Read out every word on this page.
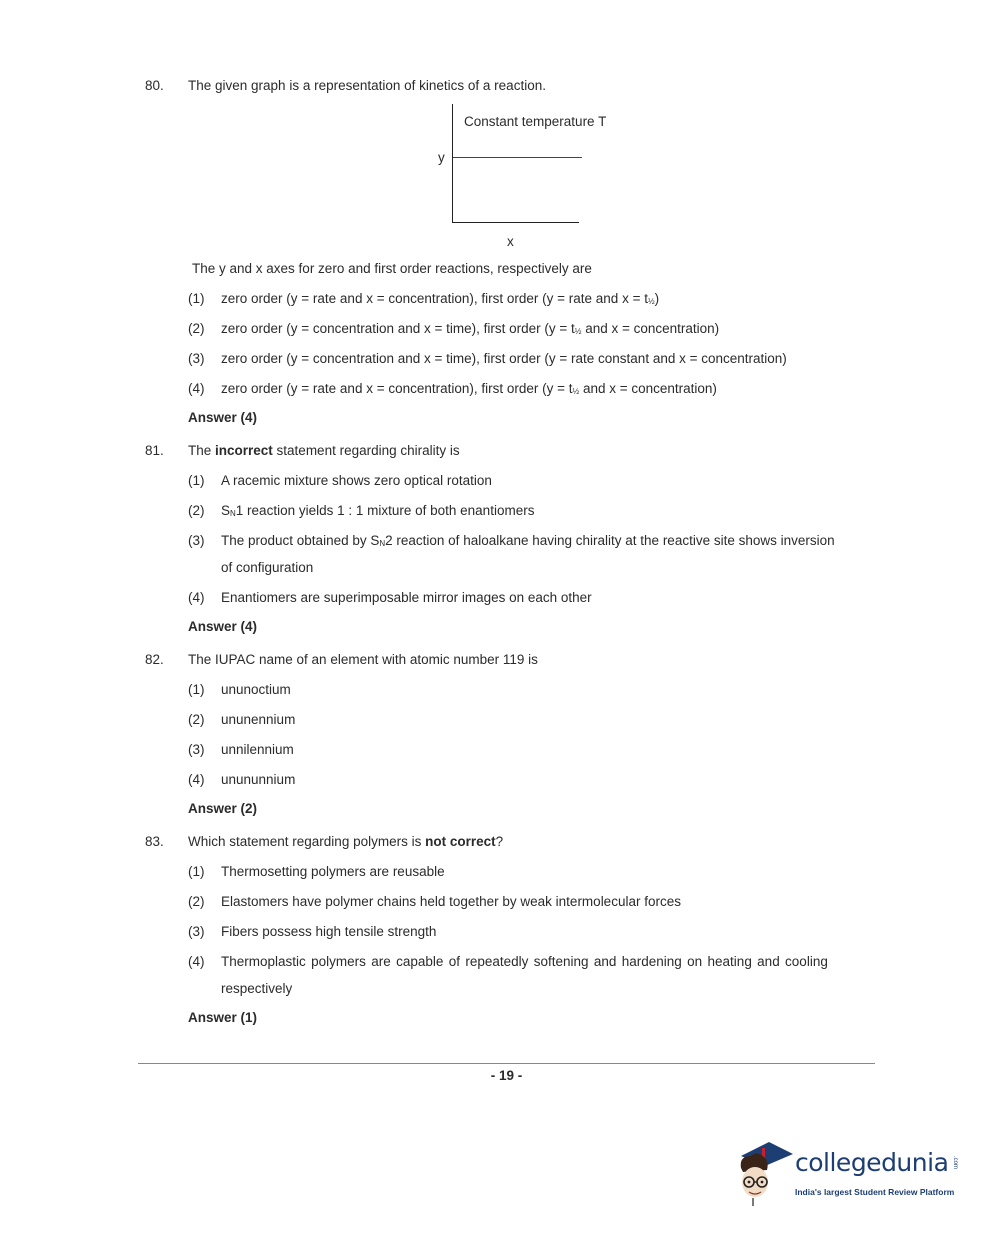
80. The given graph is a representation of kinetics of a reaction.
Constant temperature T
y
x
The y and x axes for zero and first order reactions, respectively are
(1) zero order (y = rate and x = concentration), first order (y = rate and $x = t_{\frac{1}{2}}$)
(2) zero order (y = concentration and x = time), first order ($y = t_{\frac{1}{2}}$ and x = concentration)
(3) zero order (y = concentration and x = time), first order (y = rate constant and x = concentration)
(4) zero order (y = rate and x = concentration), first order ($y = t_{\frac{1}{2}}$ and x = concentration)
Answer (4)
81. The incorrect statement regarding chirality is
(1) A racemic mixture shows zero optical rotation
(2) $S_N1$ reaction yields 1 : 1 mixture of both enantiomers
(3) The product obtained by $S_N2$ reaction of haloalkane having chirality at the reactive site shows inversion
of configuration
(4) Enantiomers are superimposable mirror images on each other
Answer (4)
82. The IUPAC name of an element with atomic number 119 is
(1) ununoctium
(2) ununennium
(3) unnilennium
(4) unununnium
Answer (2)
83. Which statement regarding polymers is not correct?
(1) Thermosetting polymers are reusable
(2) Elastomers have polymer chains held together by weak intermolecular forces
(3) Fibers possess high tensile strength
(4) Thermoplastic polymers are capable of repeatedly softening and hardening on heating and cooling
respectively
Answer (1)
- 19 -
collegedunia .com
India's largest Student Review Platform
